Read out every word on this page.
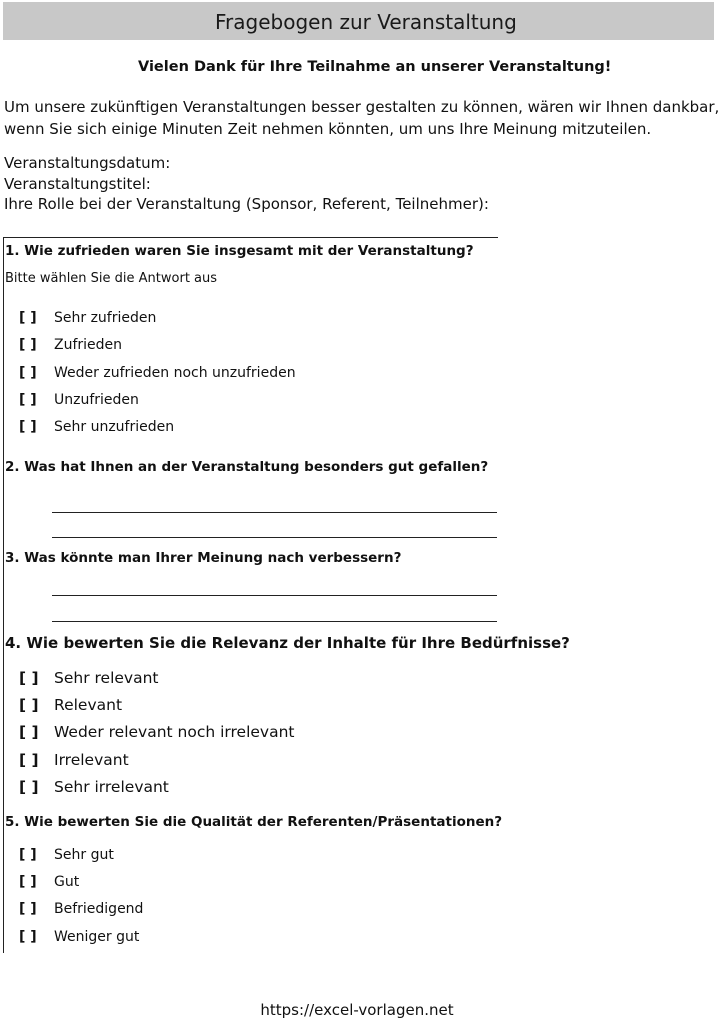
Fragebogen zur Veranstaltung
Vielen Dank für Ihre Teilnahme an unserer Veranstaltung!
Um unsere zukünftigen Veranstaltungen besser gestalten zu können, wären wir Ihnen dankbar,
wenn Sie sich einige Minuten Zeit nehmen könnten, um uns Ihre Meinung mitzuteilen.
Veranstaltungsdatum:
Veranstaltungstitel:
Ihre Rolle bei der Veranstaltung (Sponsor, Referent, Teilnehmer):
1. Wie zufrieden waren Sie insgesamt mit der Veranstaltung?
Bitte wählen Sie die Antwort aus
[ ] Sehr zufrieden
[ ] Zufrieden
[ ] Weder zufrieden noch unzufrieden
[ ] Unzufrieden
[ ] Sehr unzufrieden
2. Was hat Ihnen an der Veranstaltung besonders gut gefallen?
3. Was könnte man Ihrer Meinung nach verbessern?
4. Wie bewerten Sie die Relevanz der Inhalte für Ihre Bedürfnisse?
[ ] Sehr relevant
[ ] Relevant
[ ] Weder relevant noch irrelevant
[ ] Irrelevant
[ ] Sehr irrelevant
5. Wie bewerten Sie die Qualität der Referenten/Präsentationen?
[ ] Sehr gut
[ ] Gut
[ ] Befriedigend
[ ] Weniger gut
https://excel-vorlagen.net
